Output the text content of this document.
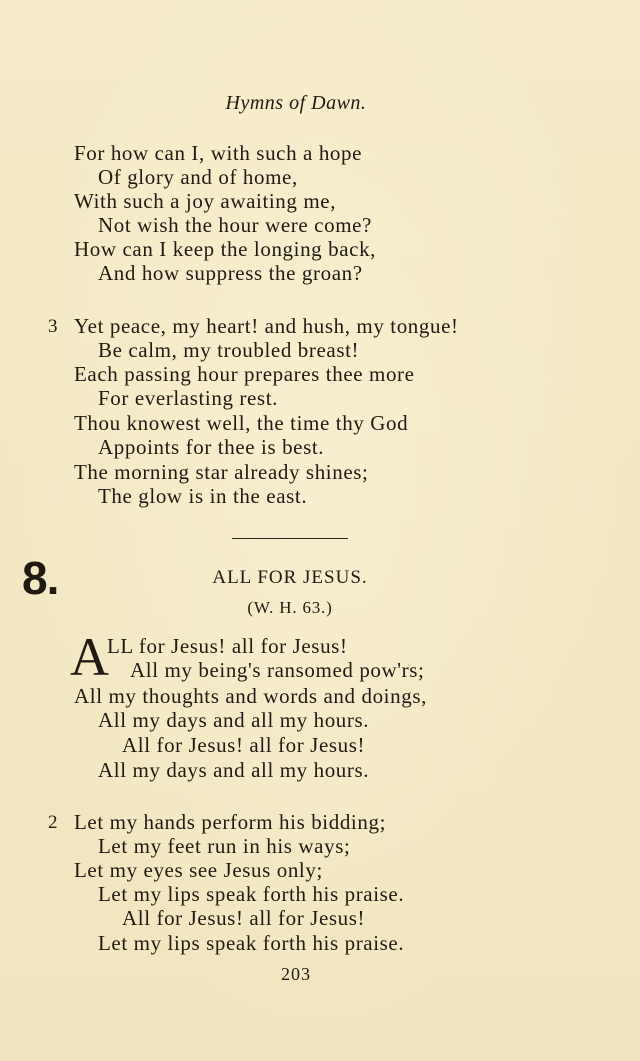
Hymns of Dawn.
For how can I, with such a hope
Of glory and of home,
With such a joy awaiting me,
Not wish the hour were come?
How can I keep the longing back,
And how suppress the groan?
3 Yet peace, my heart! and hush, my tongue!
Be calm, my troubled breast!
Each passing hour prepares thee more
For everlasting rest.
Thou knowest well, the time thy God
Appoints for thee is best.
The morning star already shines;
The glow is in the east.
8.	ALL FOR JESUS.
(W. H. 63.)
A
LL for Jesus! all for Jesus!
All my being's ransomed pow'rs;
All my thoughts and words and doings,
All my days and all my hours.
All for Jesus! all for Jesus!
All my days and all my hours.
2 Let my hands perform his bidding;
Let my feet run in his ways;
Let my eyes see Jesus only;
Let my lips speak forth his praise.
All for Jesus! all for Jesus!
Let my lips speak forth his praise.
203
